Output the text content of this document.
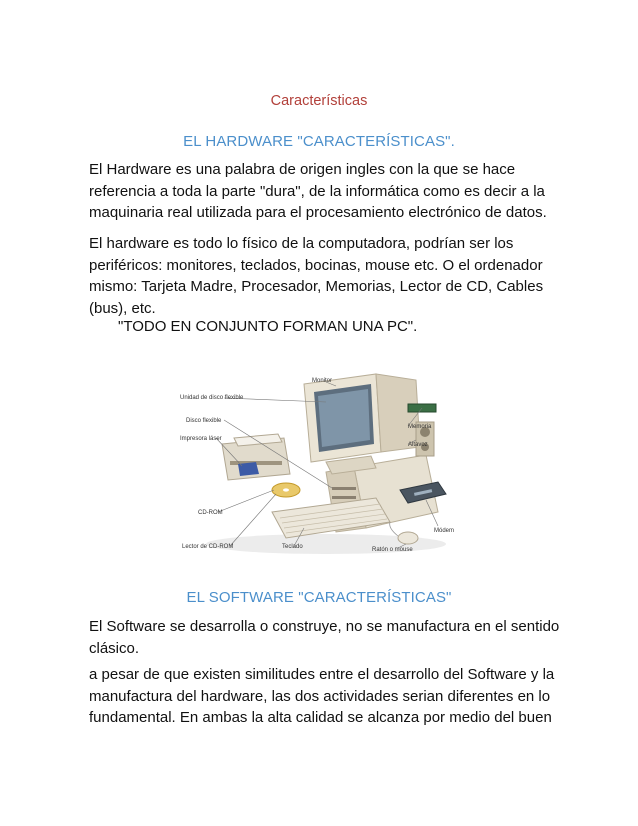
Características
EL HARDWARE "CARACTERÍSTICAS".
El Hardware es una palabra de origen ingles con la que se hace referencia a toda la parte "dura", de la informática como es decir a la maquinaria real utilizada para el procesamiento electrónico de datos.
El hardware es todo lo físico de la computadora, podrían ser los periféricos: monitores, teclados, bocinas, mouse etc. O el ordenador mismo: Tarjeta Madre, Procesador, Memorias, Lector de CD, Cables (bus), etc.
"TODO EN CONJUNTO FORMAN UNA PC".
Monitor
Unidad de disco flexible
Disco flexible
Impresora láser
CD-ROM
Lector de CD-ROM	Teclado	Ratón o mouse
Memoria
Altavoz
Módem
EL SOFTWARE "CARACTERÍSTICAS"
El Software se desarrolla o construye, no se manufactura en el sentido clásico.
a pesar de que existen similitudes entre el desarrollo del Software y la manufactura del hardware, las dos actividades serian diferentes en lo fundamental. En ambas la alta calidad se alcanza por medio del buen
